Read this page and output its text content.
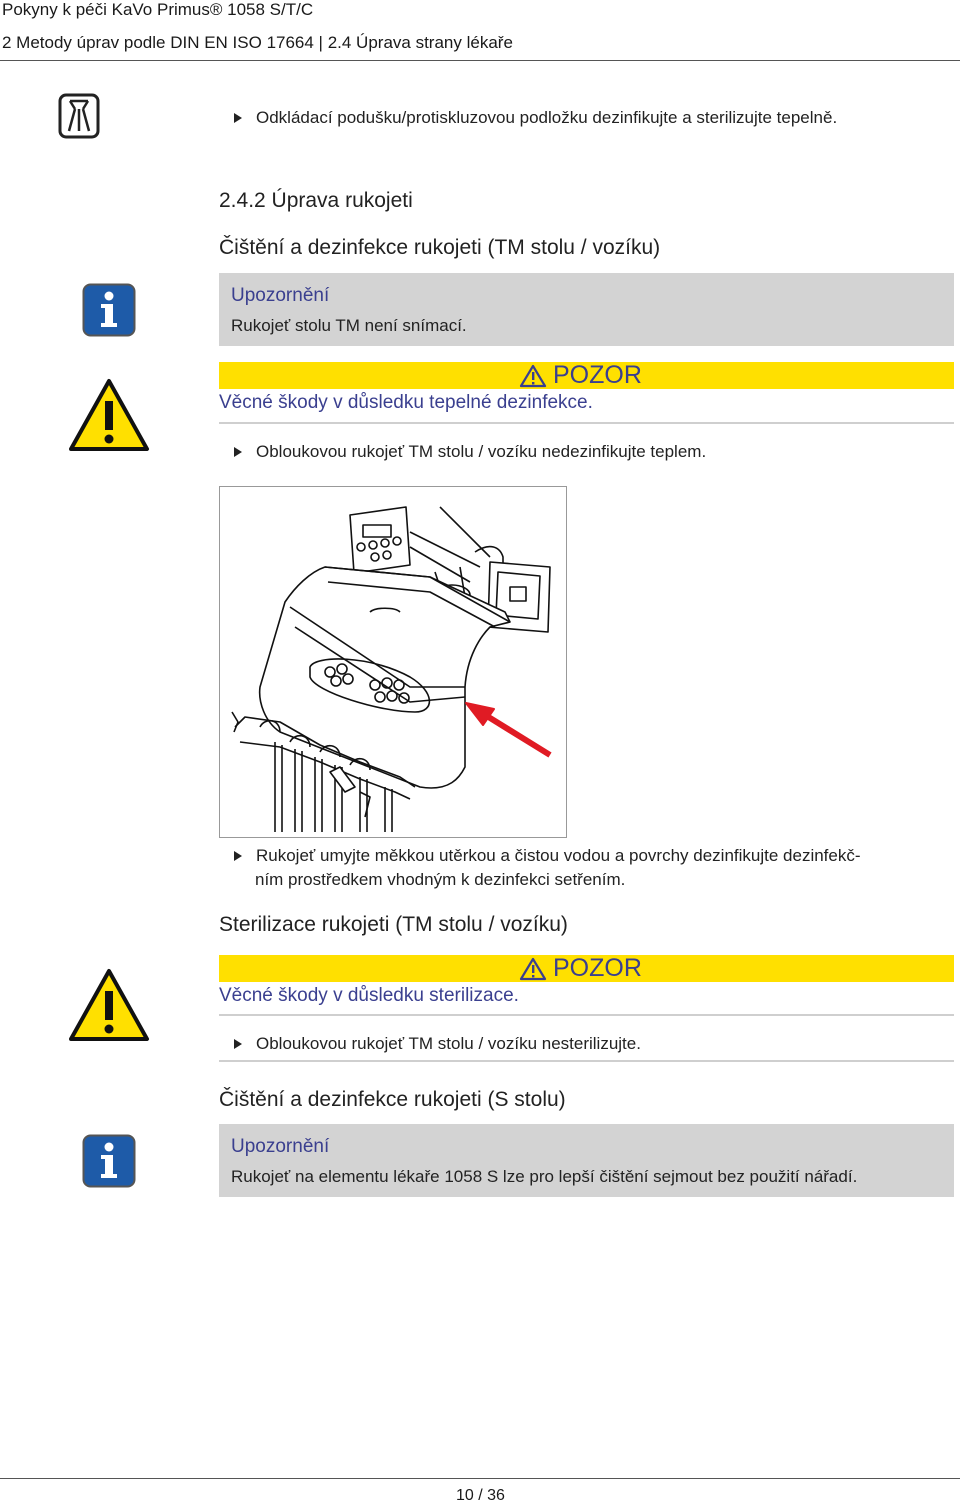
Pokyny k péči KaVo Primus® 1058 S/T/C
2 Metody úprav podle DIN EN ISO 17664 | 2.4 Úprava strany lékaře
Odkládací podušku/protiskluzovou podložku dezinfikujte a sterilizujte tepelně.
2.4.2 Úprava rukojeti
Čištění a dezinfekce rukojeti (TM stolu / vozíku)
Upozornění
Rukojeť stolu TM není snímací.
POZOR
Věcné škody v důsledku tepelné dezinfekce.
Obloukovou rukojeť TM stolu / vozíku nedezinfikujte teplem.
Rukojeť umyjte měkkou utěrkou a čistou vodou a povrchy dezinfikujte dezinfekč-
ním prostředkem vhodným k dezinfekci setřením.
Sterilizace rukojeti (TM stolu / vozíku)
POZOR
Věcné škody v důsledku sterilizace.
Obloukovou rukojeť TM stolu / vozíku nesterilizujte.
Čištění a dezinfekce rukojeti (S stolu)
Upozornění
Rukojeť na elementu lékaře 1058 S lze pro lepší čištění sejmout bez použití nářadí.
10 / 36
